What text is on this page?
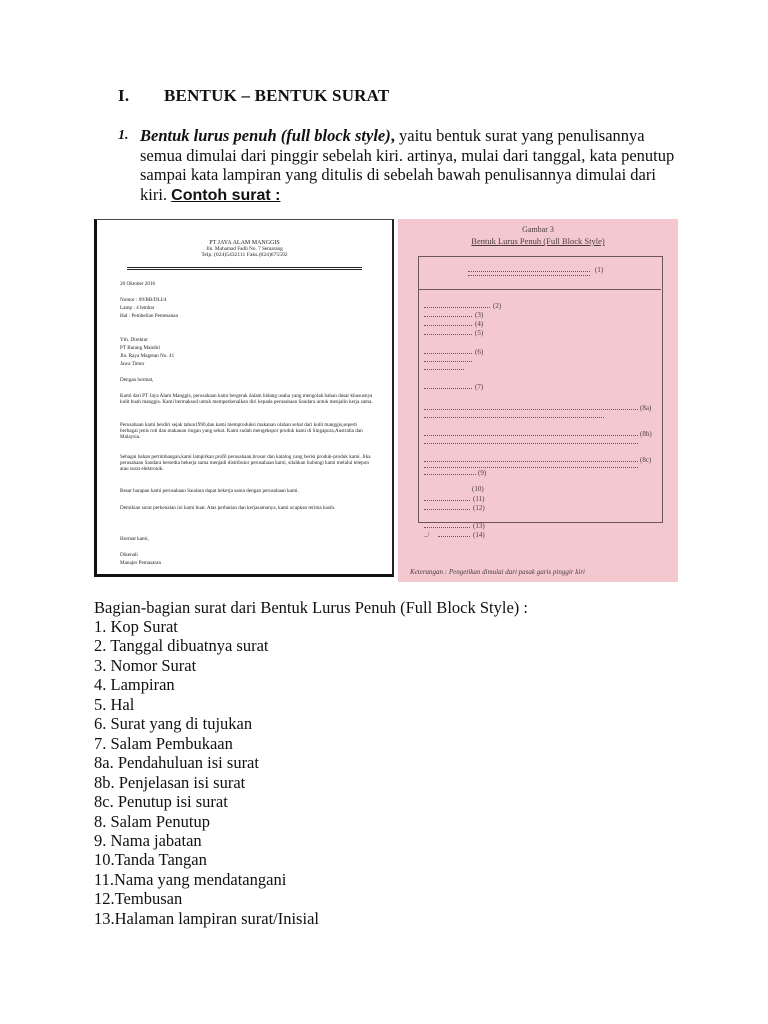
I. BENTUK – BENTUK SURAT
1. Bentuk lurus penuh (full block style), yaitu bentuk surat yang penulisannya semua dimulai dari pinggir sebelah kiri. artinya, mulai dari tanggal, kata penutup sampai kata lampiran yang ditulis di sebelah bawah penulisannya dimulai dari kiri. Contoh surat :
PT JAYA ALAM MANGGIS
Jln. Muhamad Fadli No. 7 Semarang
Telp. (024)5432111 Faks.(024)675592
20 Oktober 2016
Nomor : 09/BB/DLI/4
Lamp : 4 lembar
Hal : Pembelian Pemesanan
Yth. Direktur
PT Barang Mandiri
Jln. Raya Magetan No. 41
Jawa Timur
Dengan hormat,
Kami dari PT Jaya Alam Manggis, perusahaan kami bergerak dalam bidang usaha yang mengolah bahan dasar khususnya kulit buah manggis. Kami bermaksud untuk memperkenalkan diri kepada perusahaan Saudara untuk menjalin kerja sama.
Perusahaan kami berdiri sejak tahun1990,dan kami memproduksi makanan olahan sehat dari kulit manggis,seperti berbagai jenis roti dan makanan ringan yang sehat. Kami sudah mengekspor produk kami di Singapura,Australia dan Malaysia.
Sebagai bahan pertimbangan,kami lampirkan profil perusahaan,brosur dan katalog yang berisi produk-produk kami. Jika perusahaan Saudara bersedia bekerja sama menjadi distributor perusahaan kami, silahkan hubungi kami melalui telepon atau surat elektronik.
Besar harapan kami perusahaan Saudara dapat bekerja sama dengan perusahaan kami.
Demikian surat perkenalan ini kami buat. Atas perhatian dan kerjasamanya, kami ucapkan terima kasih.
Hormat kami,
Dikenali
Manajer Pemasaran
Gambar 3
Bentuk Lurus Penuh (Full Block Style)
(1)
(2)
(3)
(4)
(5)
(6)
(7)
(8a)
(8b)
(8c)
(9)
(10)
(11)
(12)
(13)
../	(14)
Keterangan : Pengetikan dimulai dari pasak garis pinggir kiri

Bagian-bagian surat dari Bentuk Lurus Penuh (Full Block Style) :

1. Kop Surat
2. Tanggal dibuatnya surat
3. Nomor Surat
4. Lampiran
5. Hal
6. Surat yang di tujukan
7. Salam Pembukaan
8a. Pendahuluan isi surat
8b. Penjelasan isi surat
8c. Penutup isi surat
8. Salam Penutup
9. Nama jabatan
10.Tanda Tangan
11.Nama yang mendatangani
12.Tembusan
13.Halaman lampiran surat/Inisial
